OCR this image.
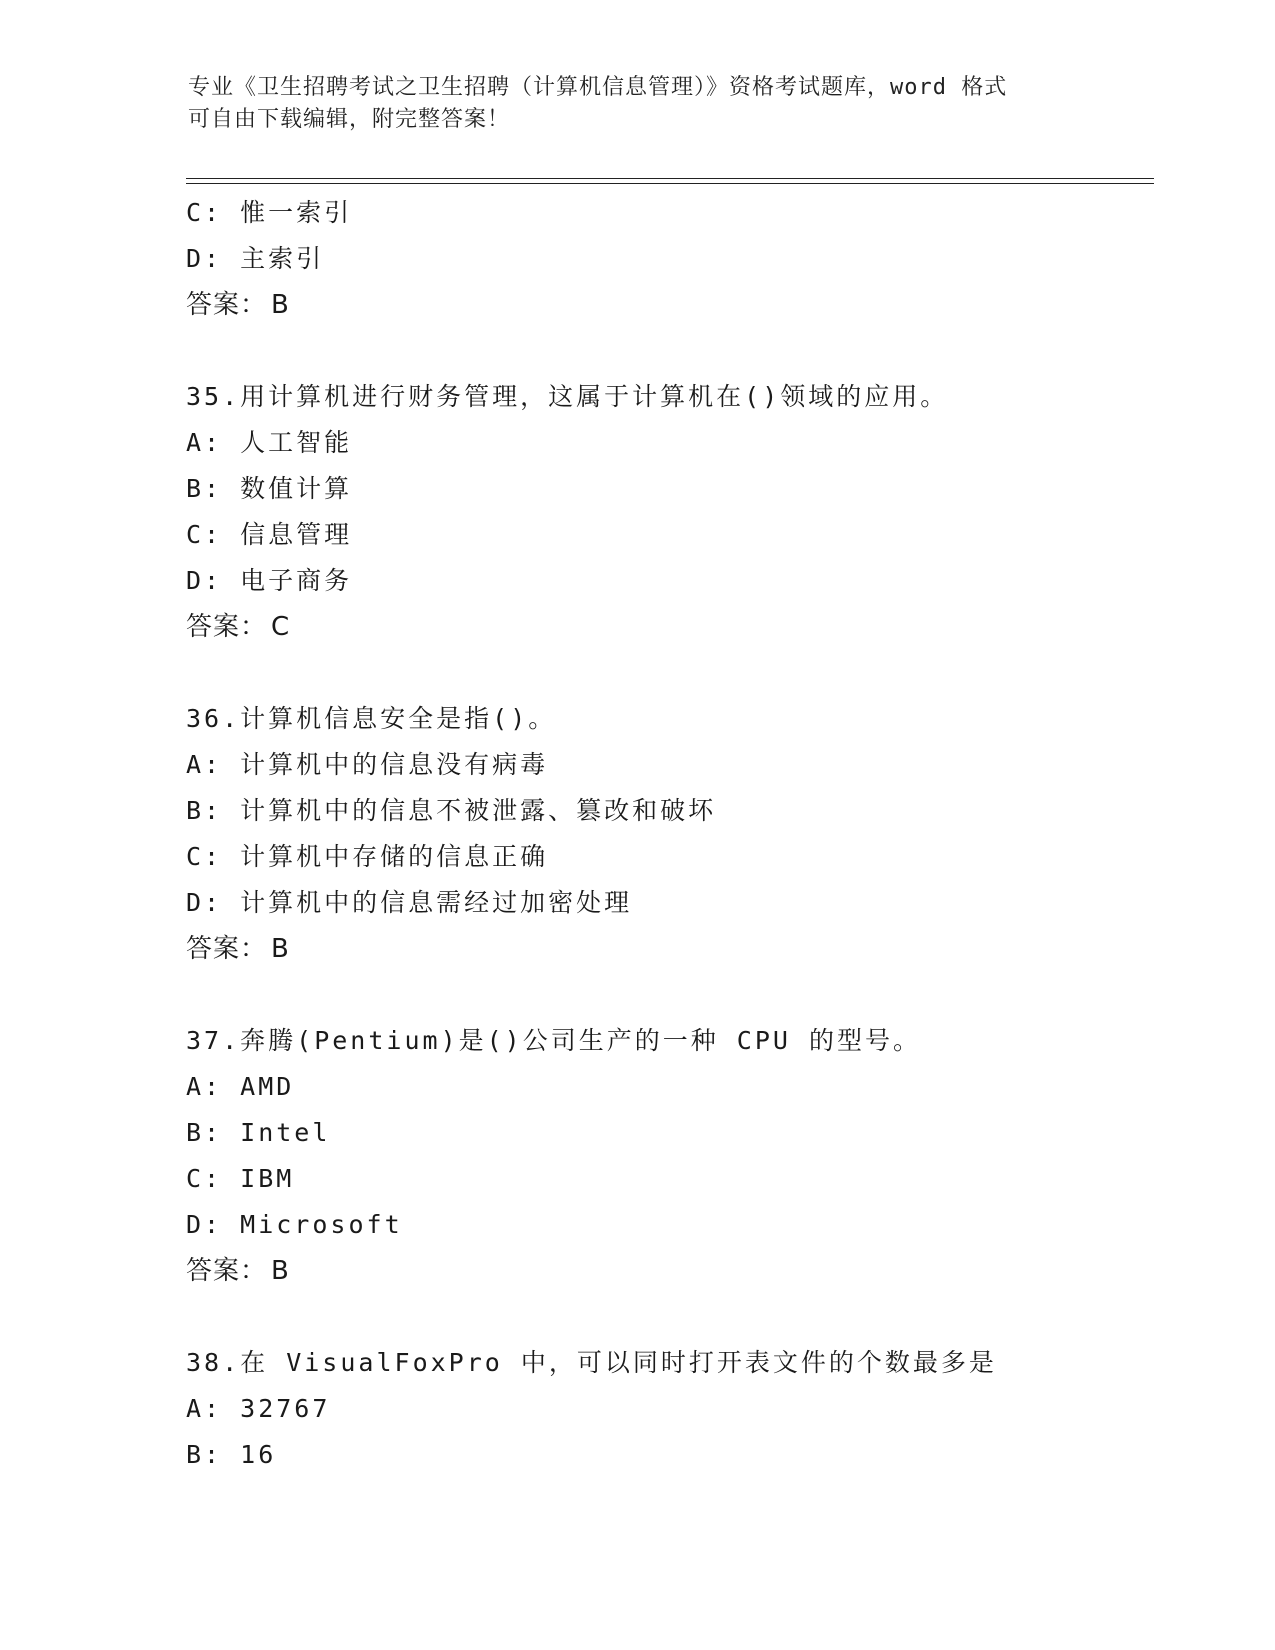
专业《卫生招聘考试之卫生招聘（计算机信息管理）》资格考试题库，word 格式
可自由下载编辑，附完整答案！
C: 惟一索引
D: 主索引
答案： B
35.用计算机进行财务管理，这属于计算机在()领域的应用。
A: 人工智能
B: 数值计算
C: 信息管理
D: 电子商务
答案： C
36.计算机信息安全是指()。
A: 计算机中的信息没有病毒
B: 计算机中的信息不被泄露、篡改和破坏
C: 计算机中存储的信息正确
D: 计算机中的信息需经过加密处理
答案： B
37.奔腾(Pentium)是()公司生产的一种 CPU 的型号。
A: AMD
B: Intel
C: IBM
D: Microsoft
答案： B
38.在 VisualFoxPro 中，可以同时打开表文件的个数最多是
A: 32767
B: 16
